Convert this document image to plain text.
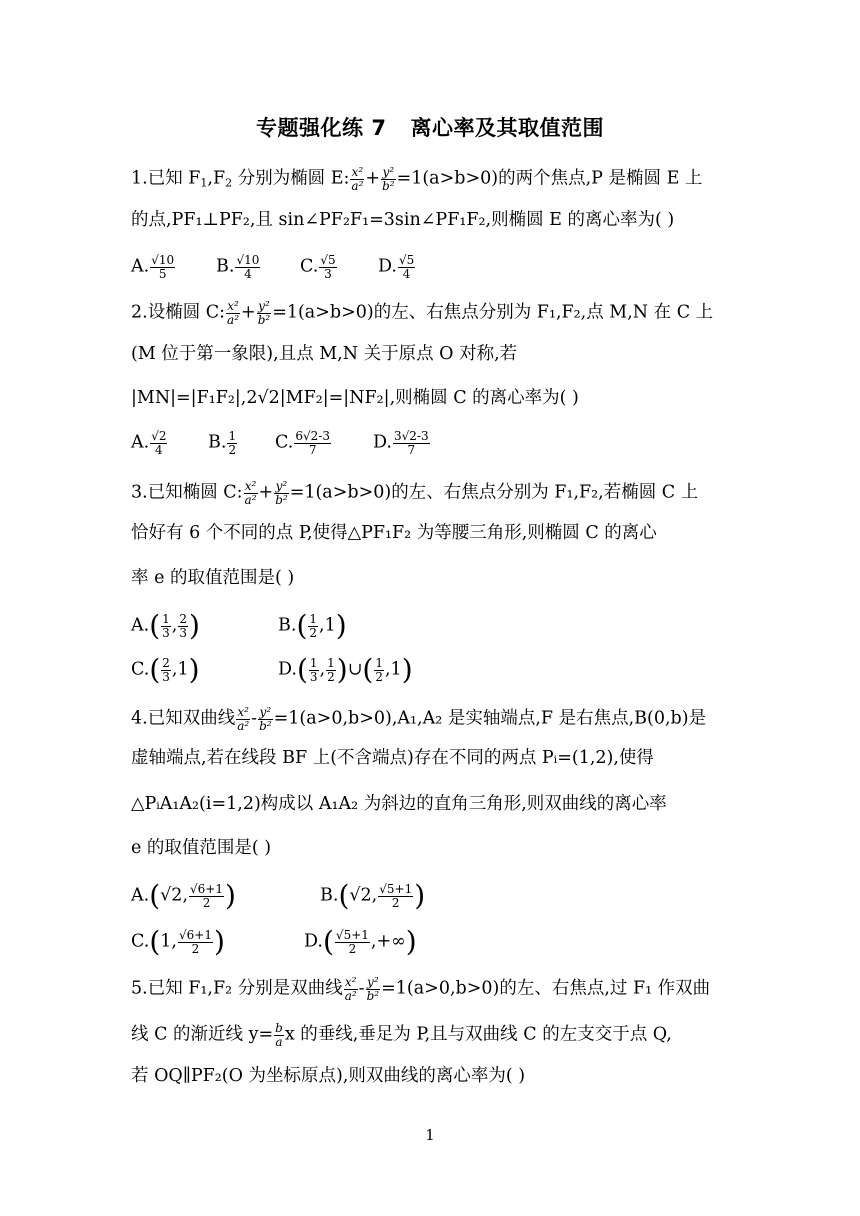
专题强化练 7 离心率及其取值范围
1.已知 $F_1,F_2$ 分别为椭圆 E: $\frac{\text{x²}}{\text{a²}} + \frac{\text{y²}}{\text{b²}} =1(a>b>0)$的两个焦点,P 是椭圆 E 上
的点,PF₁⊥PF₂,且 sin∠PF₂F₁=3sin∠PF₁F₂,则椭圆 E 的离心率为( )
A. $\frac{√10}{5} B$. $\frac{√10}{4} C$. $\frac{√5}{3} D$. $\frac{√5}{4}$
2.设椭圆 C: $\frac{\text{x²}}{\text{a²}} + \frac{\text{y²}}{\text{b²}} =1(a>b>0)$的左、右焦点分别为 F₁,F₂,点 M,N 在 C 上
(M 位于第一象限),且点 M,N 关于原点 O 对称,若
|MN|=|F₁F₂|,2√2|MF₂|=|NF₂|,则椭圆 C 的离心率为( )
A. $\frac{√2}{4} B$. $\frac{1}{2} C$. $\frac{6√2-3}{7} D$. $\frac{3√2-3}{7}$
3.已知椭圆 C: $\frac{\text{x²}}{\text{a²}} + \frac{\text{y²}}{\text{b²}} =1(a>b>0)$的左、右焦点分别为 F₁,F₂,若椭圆 C 上
恰好有 6 个不同的点 P,使得△PF₁F₂ 为等腰三角形,则椭圆 C 的离心
率 e 的取值范围是( )
$A.( \frac{1}{3}$ , $\frac{2}{3}$ )	$B.( \frac{1}{2} ,1)$
$C.( \frac{2}{3} ,1)$	$D.( \frac{1}{3}$ , $\frac{1}{2}$ )∪( $\frac{1}{2} ,1$)
4.已知双曲线 $\frac{\text{x²}}{\text{a²}} - \frac{\text{y²}}{\text{b²}} =1(a>0,b>0),A_1,A_2$ 是实轴端点,F 是右焦点,B(0,b)是
虚轴端点,若在线段 BF 上(不含端点)存在不同的两点 Pᵢ=(1,2),使得
△PᵢA₁A₂(i=1,2)构成以 A₁A₂ 为斜边的直角三角形,则双曲线的离心率
e 的取值范围是( )
A.(√2, $\frac{√6+1}{2}$ )	B.(√2, $\frac{√5+1}{2}$ )
C.(1, $\frac{√6+1}{2}$ )	$D.( \frac{√5+1}{2}$ ,+∞)
5.已知 F₁,F₂ 分别是双曲线 $\frac{\text{x²}}{\text{a²}} - \frac{\text{y²}}{\text{b²}} =1(a>0,b>0)$的左、右焦点,过 F₁ 作双曲
线 C 的渐近线 $y= \frac{b}{a}$ x 的垂线,垂足为 P,且与双曲线 C 的左支交于点 Q,
若 OQ∥PF₂(O 为坐标原点),则双曲线的离心率为( )
1
